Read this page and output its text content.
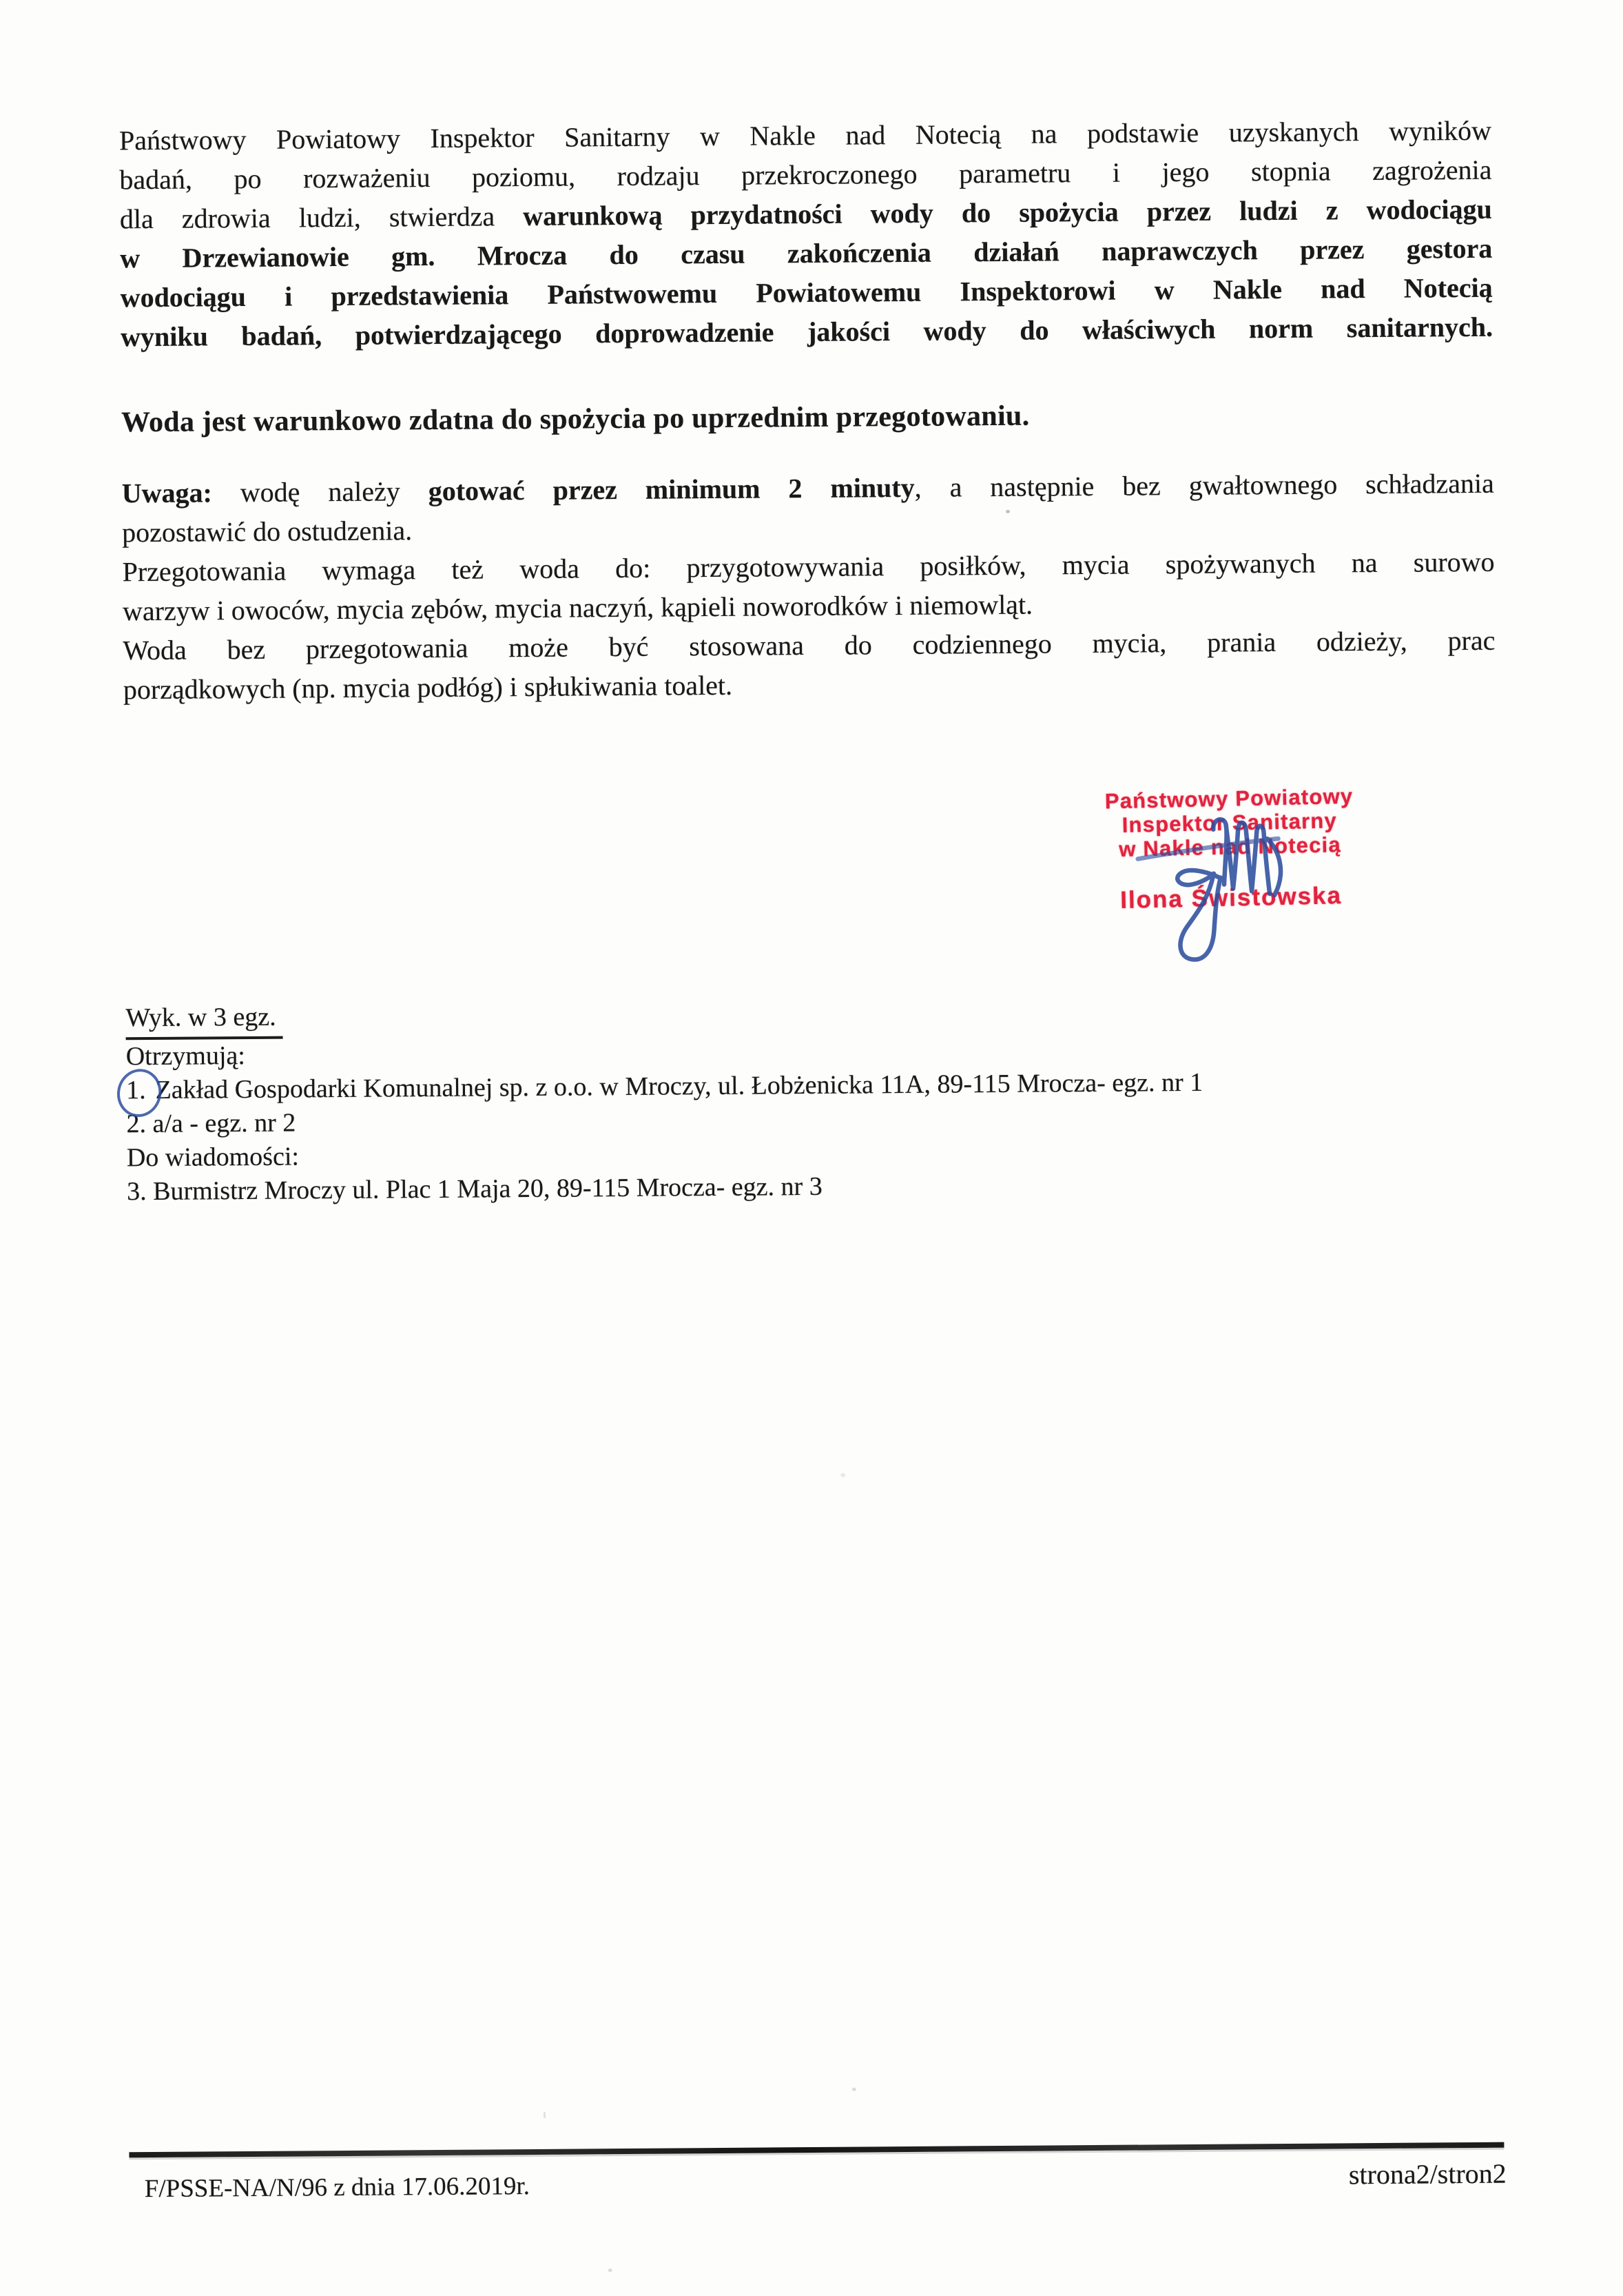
Państwowy Powiatowy Inspektor Sanitarny w Nakle nad Notecią na podstawie uzyskanych wyników
badań, po rozważeniu poziomu, rodzaju przekroczonego parametru i jego stopnia zagrożenia
dla zdrowia ludzi, stwierdza warunkową przydatności wody do spożycia przez ludzi z wodociągu
w Drzewianowie gm. Mrocza do czasu zakończenia działań naprawczych przez gestora
wodociągu i przedstawienia Państwowemu Powiatowemu Inspektorowi w Nakle nad Notecią
wyniku badań, potwierdzającego doprowadzenie jakości wody do właściwych norm sanitarnych.
Woda jest warunkowo zdatna do spożycia po uprzednim przegotowaniu.
Uwaga: wodę należy gotować przez minimum 2 minuty, a następnie bez gwałtownego schładzania
pozostawić do ostudzenia.
Przegotowania wymaga też woda do: przygotowywania posiłków, mycia spożywanych na surowo
warzyw i owoców, mycia zębów, mycia naczyń, kąpieli noworodków i niemowląt.
Woda bez przegotowania może być stosowana do codziennego mycia, prania odzieży, prac
porządkowych (np. mycia podłóg) i spłukiwania toalet.
Państwowy Powiatowy
Inspektor Sanitarny
w Nakle nad Notecią
Ilona Świstowska
Wyk. w 3 egz.
Otrzymują:
1. Zakład Gospodarki Komunalnej sp. z o.o. w Mroczy, ul. Łobżenicka 11A, 89-115 Mrocza- egz. nr 1
2. a/a - egz. nr 2
Do wiadomości:
3. Burmistrz Mroczy ul. Plac 1 Maja 20, 89-115 Mrocza- egz. nr 3
F/PSSE-NA/N/96 z dnia 17.06.2019r.	strona2/stron2
